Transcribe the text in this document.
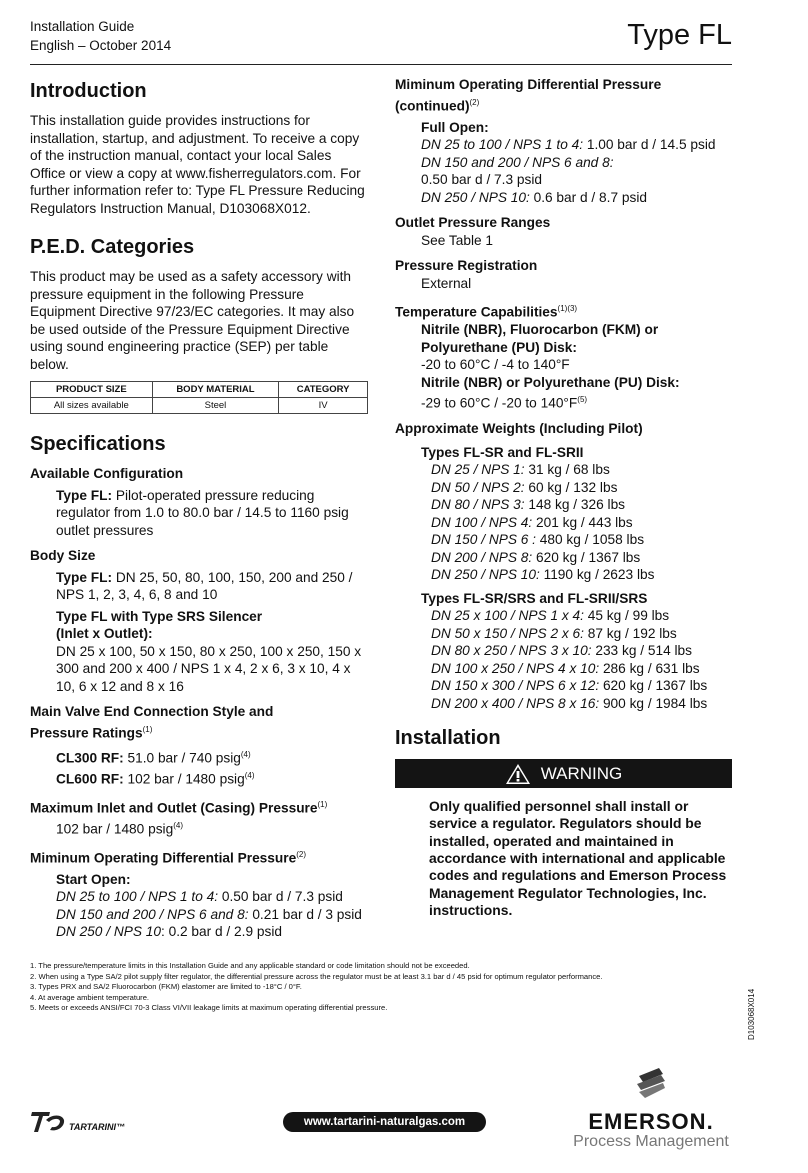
Installation Guide
English – October 2014	Type FL
Introduction

This installation guide provides instructions for installation, startup, and adjustment. To receive a copy of the instruction manual, contact your local Sales Office or view a copy at www.fisherregulators.com. For further information refer to: Type FL Pressure Reducing Regulators Instruction Manual, D103068X012.

P.E.D. Categories

This product may be used as a safety accessory with pressure equipment in the following Pressure Equipment Directive 97/23/EC categories. It may also be used outside of the Pressure Equipment Directive using sound engineering practice (SEP) per table below.

PRODUCT SIZE	BODY MATERIAL	CATEGORY
All sizes available	Steel	IV
Specifications
Available Configuration
Type FL: Pilot-operated pressure reducing regulator from 1.0 to 80.0 bar / 14.5 to 1160 psig outlet pressures
Body Size
Type FL: DN 25, 50, 80, 100, 150, 200 and 250 / NPS 1, 2, 3, 4, 6, 8 and 10
Type FL with Type SRS Silencer
(Inlet x Outlet):
DN 25 x 100, 50 x 150, 80 x 250, 100 x 250, 150 x 300 and 200 x 400 / NPS 1 x 4, 2 x 6, 3 x 10, 4 x 10, 6 x 12 and 8 x 16
Main Valve End Connection Style and
Pressure Ratings$^{(1)}$
CL300 RF: 51.0 bar / 740 psig$^{(4)}$
CL600 RF: 102 bar / 1480 psig$^{(4)}$
Maximum Inlet and Outlet (Casing) Pressure$^{(1)}$
102 bar / 1480 psig$^{(4)}$
Miminum Operating Differential Pressure$^{(2)}$
Start Open:
DN 25 to 100 / NPS 1 to 4: 0.50 bar d / 7.3 psid
DN 150 and 200 / NPS 6 and 8: 0.21 bar d / 3 psid
DN 250 / NPS 10: 0.2 bar d / 2.9 psid
Miminum Operating Differential Pressure
(continued)$^{(2)}$
Full Open:
DN 25 to 100 / NPS 1 to 4: 1.00 bar d / 14.5 psid
DN 150 and 200 / NPS 6 and 8:
0.50 bar d / 7.3 psid
DN 250 / NPS 10: 0.6 bar d / 8.7 psid
Outlet Pressure Ranges
See Table 1
Pressure Registration
External
Temperature Capabilities$^{(1)(3)}$
Nitrile (NBR), Fluorocarbon (FKM) or Polyurethane (PU) Disk:
-20 to 60°C / -4 to 140°F
Nitrile (NBR) or Polyurethane (PU) Disk:
-29 to 60°C / -20 to 140°F$^{(5)}$
Approximate Weights (Including Pilot)
Types FL-SR and FL-SRII
DN 25 / NPS 1: 31 kg / 68 lbs
DN 50 / NPS 2: 60 kg / 132 lbs
DN 80 / NPS 3: 148 kg / 326 lbs
DN 100 / NPS 4: 201 kg / 443 lbs
DN 150 / NPS 6 : 480 kg / 1058 lbs
DN 200 / NPS 8: 620 kg / 1367 lbs
DN 250 / NPS 10: 1190 kg / 2623 lbs
Types FL-SR/SRS and FL-SRII/SRS
DN 25 x 100 / NPS 1 x 4: 45 kg / 99 lbs
DN 50 x 150 / NPS 2 x 6: 87 kg / 192 lbs
DN 80 x 250 / NPS 3 x 10: 233 kg / 514 lbs
DN 100 x 250 / NPS 4 x 10: 286 kg / 631 lbs
DN 150 x 300 / NPS 6 x 12: 620 kg / 1367 lbs
DN 200 x 400 / NPS 8 x 16: 900 kg / 1984 lbs
Installation
WARNING
Only qualified personnel shall install or service a regulator. Regulators should be installed, operated and maintained in accordance with international and applicable codes and regulations and Emerson Process Management Regulator Technologies, Inc. instructions.
1. The pressure/temperature limits in this Installation Guide and any applicable standard or code limitation should not be exceeded.
2. When using a Type SA/2 pilot supply filter regulator, the differential pressure across the regulator must be at least 3.1 bar d / 45 psid for optimum regulator performance.
3. Types PRX and SA/2 Fluorocarbon (FKM) elastomer are limited to -18°C / 0°F.
4. At average ambient temperature.
5. Meets or exceeds ANSI/FCI 70-3 Class VI/VII leakage limits at maximum operating differential pressure.	D103068X014
TARTARINI™	www.tartarini-naturalgas.com	EMERSON.
Process Management
